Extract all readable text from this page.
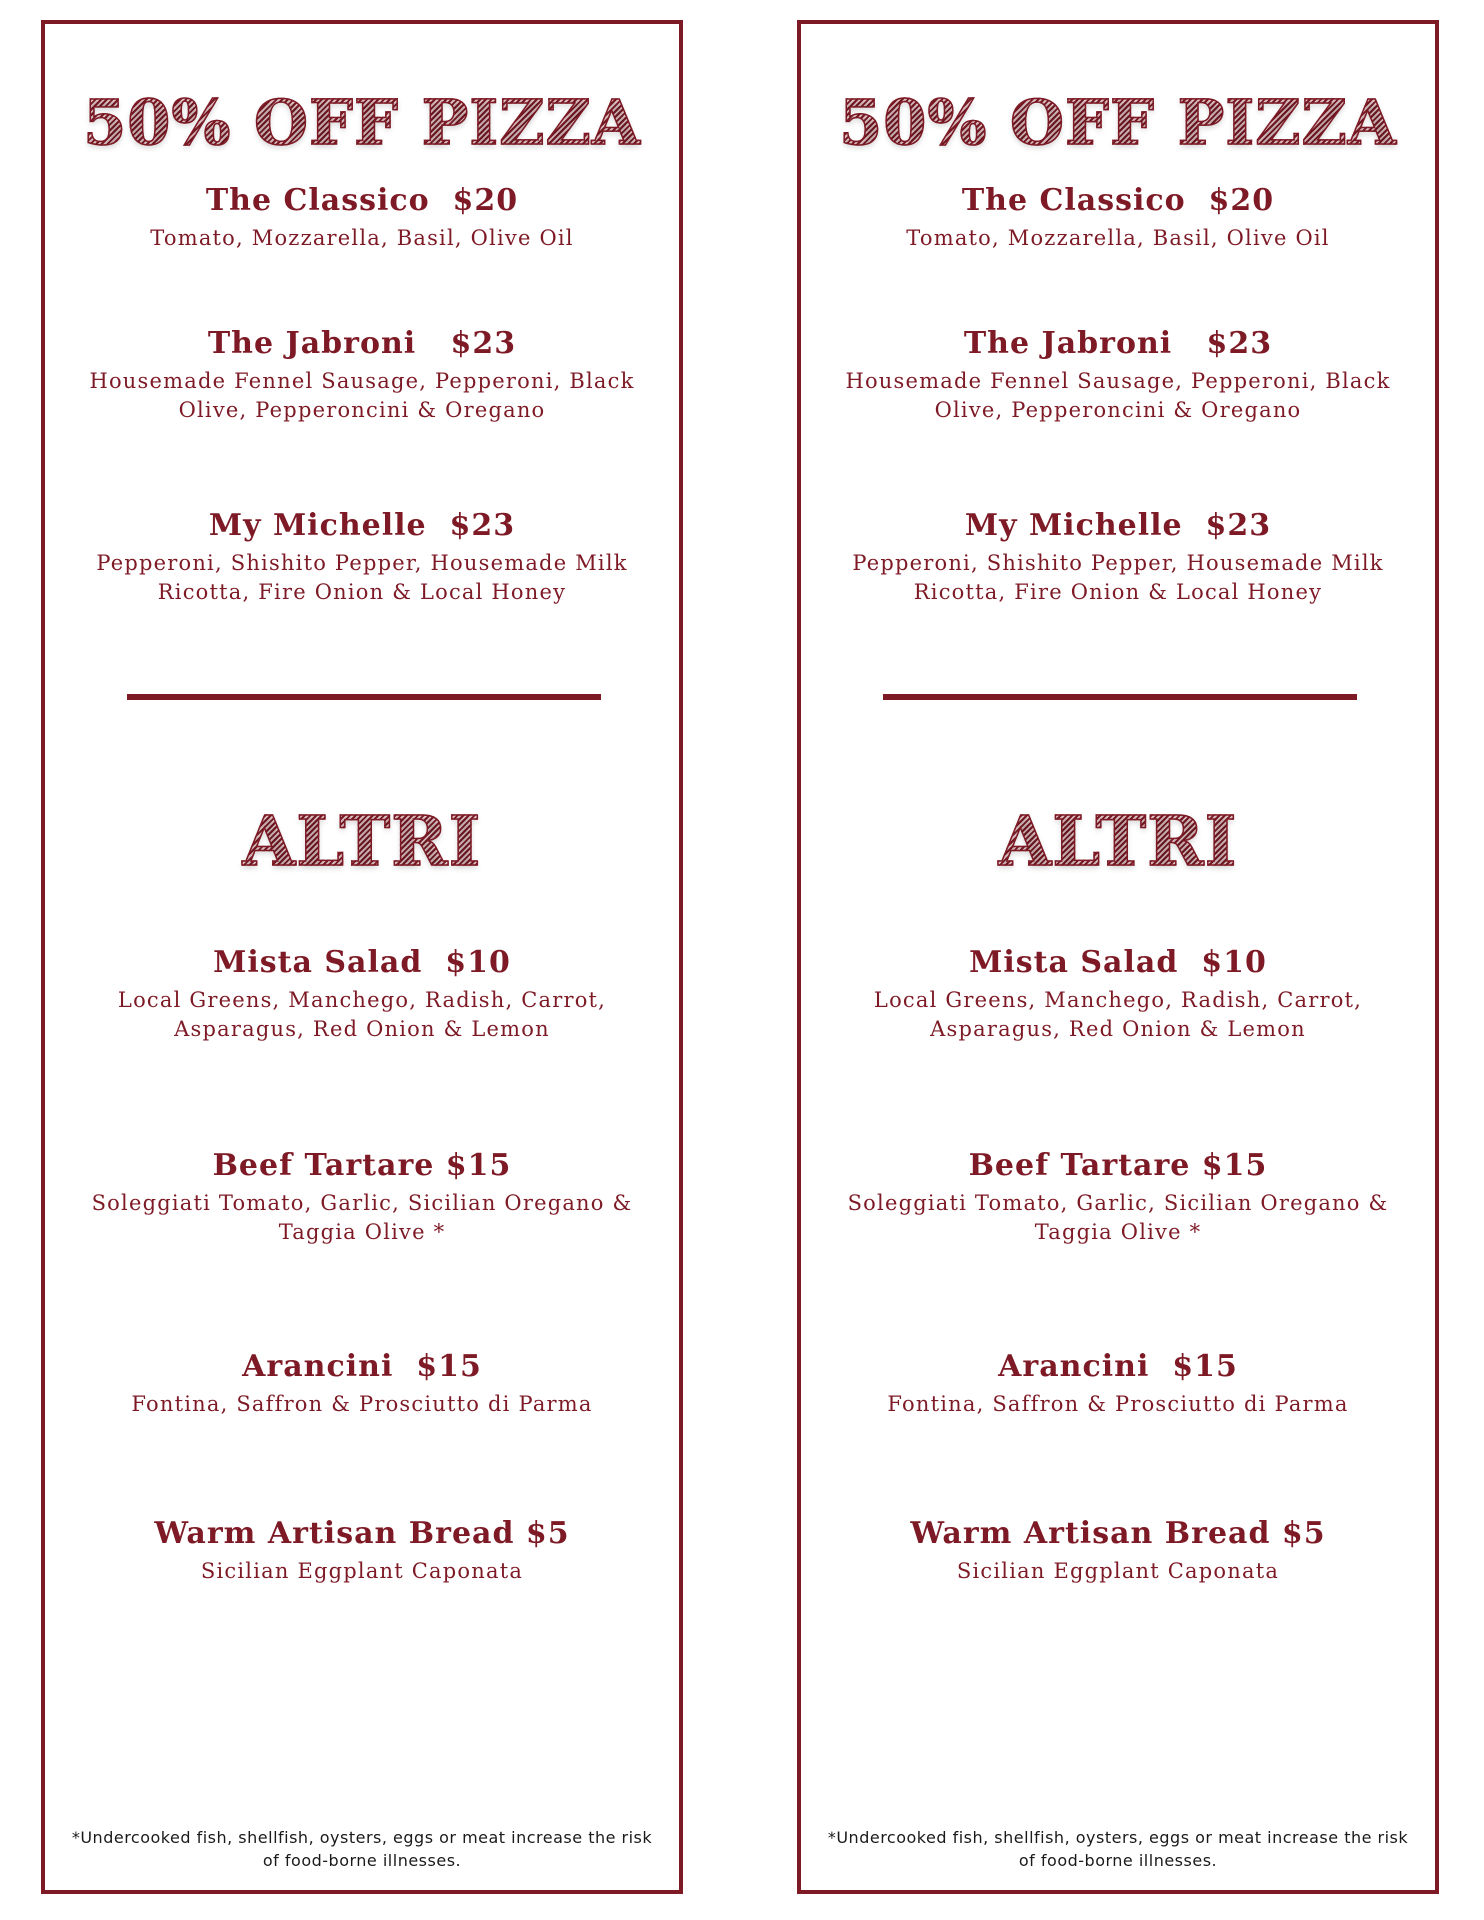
50% OFF PIZZA
The Classico  $20
Tomato, Mozzarella, Basil, Olive Oil
The Jabroni   $23
Housemade Fennel Sausage, Pepperoni, Black Olive, Pepperoncini & Oregano
My Michelle  $23
Pepperoni, Shishito Pepper, Housemade Milk Ricotta, Fire Onion & Local Honey
ALTRI
Mista Salad  $10
Local Greens, Manchego, Radish, Carrot, Asparagus, Red Onion & Lemon
Beef Tartare $15
Soleggiati Tomato, Garlic, Sicilian Oregano & Taggia Olive *
Arancini  $15
Fontina, Saffron & Prosciutto di Parma
Warm Artisan Bread $5
Sicilian Eggplant Caponata
*Undercooked fish, shellfish, oysters, eggs or meat increase the risk of food-borne illnesses.
50% OFF PIZZA
The Classico  $20
Tomato, Mozzarella, Basil, Olive Oil
The Jabroni   $23
Housemade Fennel Sausage, Pepperoni, Black Olive, Pepperoncini & Oregano
My Michelle  $23
Pepperoni, Shishito Pepper, Housemade Milk Ricotta, Fire Onion & Local Honey
ALTRI
Mista Salad  $10
Local Greens, Manchego, Radish, Carrot, Asparagus, Red Onion & Lemon
Beef Tartare $15
Soleggiati Tomato, Garlic, Sicilian Oregano & Taggia Olive *
Arancini  $15
Fontina, Saffron & Prosciutto di Parma
Warm Artisan Bread $5
Sicilian Eggplant Caponata
*Undercooked fish, shellfish, oysters, eggs or meat increase the risk of food-borne illnesses.
